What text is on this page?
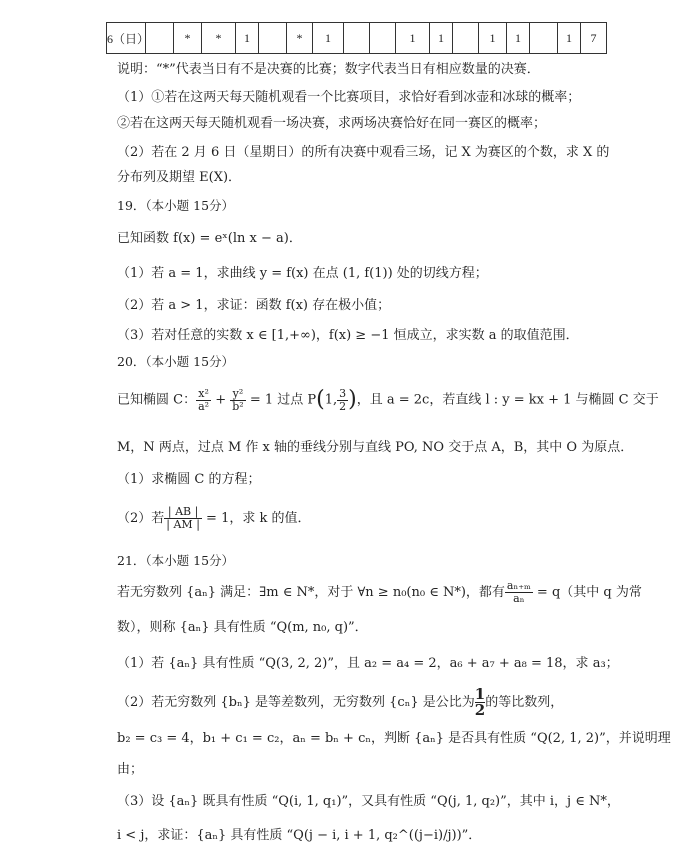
6（日）		*	*	1		*	1			1	1		1	1		1	7
说明：“*”代表当日有不是决赛的比赛；数字代表当日有相应数量的决赛．
（1）①若在这两天每天随机观看一个比赛项目，求恰好看到冰壶和冰球的概率；
②若在这两天每天随机观看一场决赛，求两场决赛恰好在同一赛区的概率；
（2）若在 2 月 6 日（星期日）的所有决赛中观看三场，记 X 为赛区的个数，求 X 的
分布列及期望 E(X)．
19．（本小题 15分）
已知函数 f(x) = eˣ(ln x − a)．
（1）若 a = 1，求曲线 y = f(x) 在点 (1, f(1)) 处的切线方程；
（2）若 a > 1，求证：函数 f(x) 存在极小值；
（3）若对任意的实数 x ∈ [1,+∞)，f(x) ≥ −1 恒成立，求实数 a 的取值范围．
20．（本小题 15分）
已知椭圆 C： $\frac{\text{x²}}{\text{a²}} + \frac{\text{y²}}{\text{b²}} = 1$ 过点 P(1, $\frac{3}{2}$ )，且 a = 2c，若直线 l : y = kx + 1 与椭圆 C 交于
M，N 两点，过点 M 作 x 轴的垂线分别与直线 PO, NO 交于点 A，B，其中 O 为原点．
（1）求椭圆 C 的方程；
（2）若 $\frac{| AB |}{| AM |} = 1$，求 k 的值．
21．（本小题 15分）
若无穷数列 {aₙ} 满足：∃m ∈ N*，对于 ∀n ≥ n₀(n₀ ∈ N*)，都有 $\frac{\text{aₙ₊ₘ}}{\text{aₙ}} = q$（其中 q 为常
数），则称 {aₙ} 具有性质 “Q(m, n₀, q)”．
（1）若 {aₙ} 具有性质 “Q(3, 2, 2)”，且 a₂ = a₄ = 2，a₆ + a₇ + a₈ = 18，求 a₃；
（2）若无穷数列 {bₙ} 是等差数列，无穷数列 {cₙ} 是公比为 $\frac{1}{2}$的等比数列，
b₂ = c₃ = 4，b₁ + c₁ = c₂，aₙ = bₙ + cₙ，判断 {aₙ} 是否具有性质 “Q(2, 1, 2)”，并说明理
由；
（3）设 {aₙ} 既具有性质 “Q(i, 1, q₁)”，又具有性质 “Q(j, 1, q₂)”，其中 i，j ∈ N*，
i < j，求证：{aₙ} 具有性质 “Q(j − i, i + 1, q₂^((j−i)/j))”．
